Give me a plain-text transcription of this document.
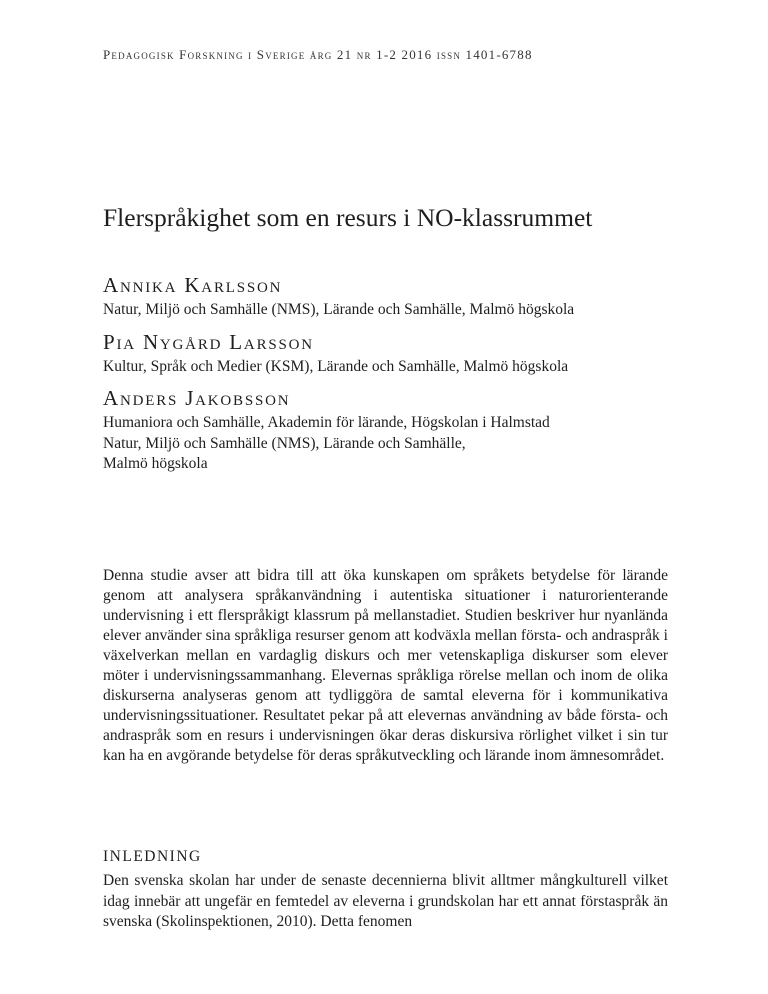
Pedagogisk Forskning i Sverige årg 21 nr 1-2 2016 issn 1401-6788
Flerspråkighet som en resurs i NO-klassrummet
Annika Karlsson
Natur, Miljö och Samhälle (NMS), Lärande och Samhälle, Malmö högskola
Pia Nygård Larsson
Kultur, Språk och Medier (KSM), Lärande och Samhälle, Malmö högskola
Anders Jakobsson
Humaniora och Samhälle, Akademin för lärande, Högskolan i Halmstad
Natur, Miljö och Samhälle (NMS), Lärande och Samhälle,
Malmö högskola

Denna studie avser att bidra till att öka kunskapen om språkets betydelse för lärande genom att analysera språkanvändning i autentiska situationer i naturorienterande undervisning i ett flerspråkigt klassrum på mellanstadiet. Studien beskriver hur nyanlända elever använder sina språkliga resurser genom att kodväxla mellan första- och andraspråk i växelverkan mellan en vardaglig diskurs och mer vetenskapliga diskurser som elever möter i undervisningssammanhang. Elevernas språkliga rörelse mellan och inom de olika diskurserna analyseras genom att tydliggöra de samtal eleverna för i kommunikativa undervisningssituationer. Resultatet pekar på att elevernas användning av både första- och andraspråk som en resurs i undervisningen ökar deras diskursiva rörlighet vilket i sin tur kan ha en avgörande betydelse för deras språkutveckling och lärande inom ämnesområdet.

INLEDNING

Den svenska skolan har under de senaste decennierna blivit alltmer mångkulturell vilket idag innebär att ungefär en femtedel av eleverna i grundskolan har ett annat förstaspråk än svenska (Skolinspektionen, 2010). Detta fenomen
